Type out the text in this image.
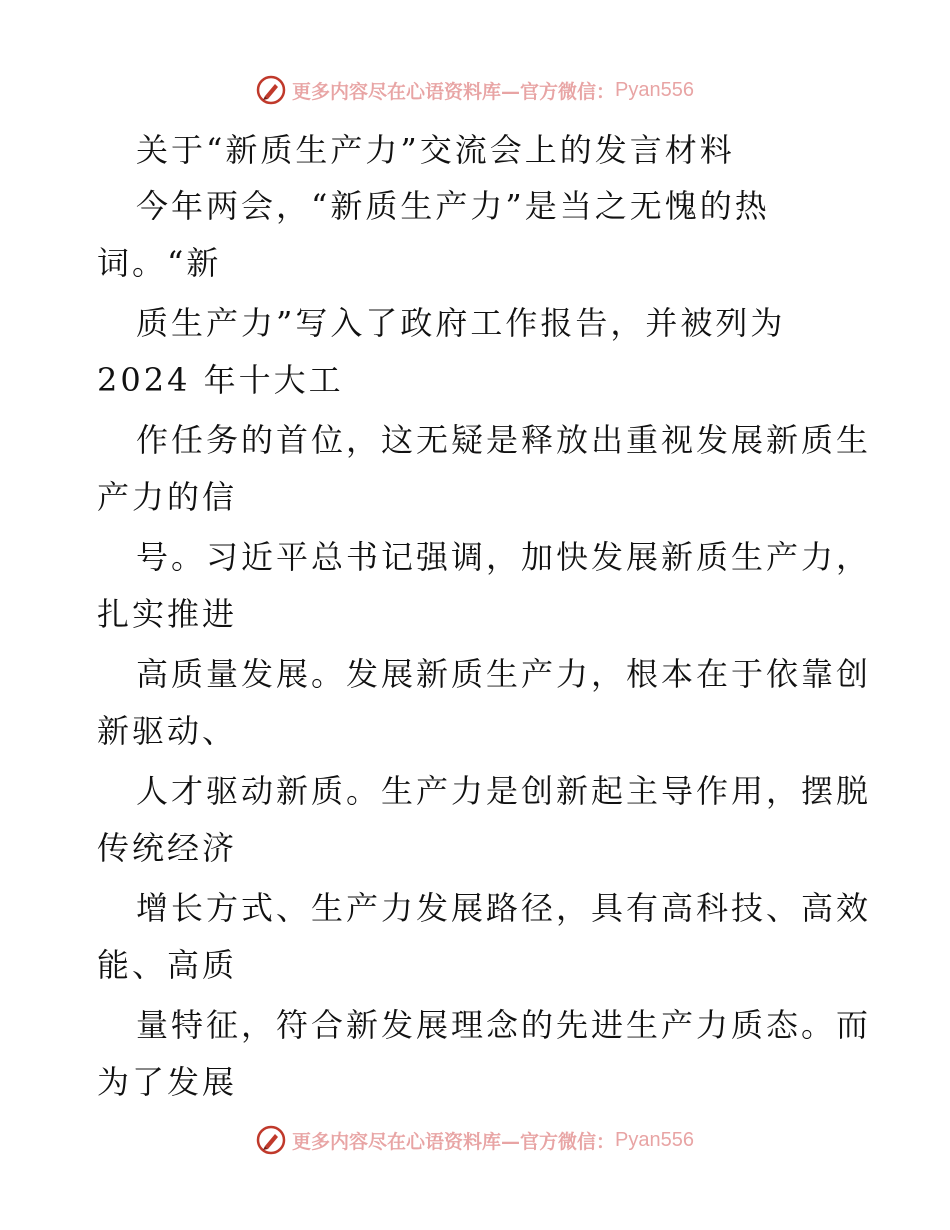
更多内容尽在心语资料库—官方微信： Pyan556
关于“新质生产力”交流会上的发言材料
今年两会，“新质生产力”是当之无愧的热
词。“新
质生产力”写入了政府工作报告，并被列为
2024 年十大工
作任务的首位，这无疑是释放出重视发展新质生
产力的信
号。习近平总书记强调，加快发展新质生产力，
扎实推进
高质量发展。发展新质生产力，根本在于依靠创
新驱动、
人才驱动新质。生产力是创新起主导作用，摆脱
传统经济
增长方式、生产力发展路径，具有高科技、高效
能、高质
量特征，符合新发展理念的先进生产力质态。而
为了发展
更多内容尽在心语资料库—官方微信： Pyan556
